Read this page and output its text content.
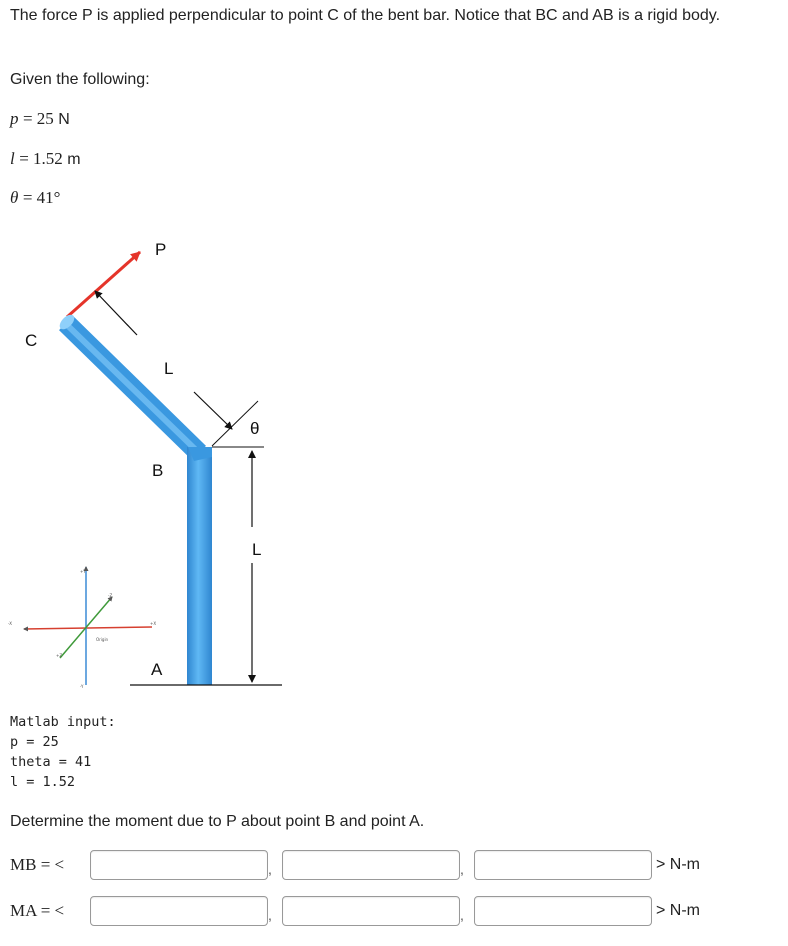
The force P is applied perpendicular to point C of the bent bar. Notice that BC and AB is a rigid body.
Given the following:
p = 25 N
l = 1.52 m
θ = 41°
P
C
L
θ
B
L
A
+Y
-Z
-X	+X
+Z
-Y
Origin
Matlab input:
p = 25
theta = 41
l = 1.52
Determine the moment due to P about point B and point A.
MB = <	,	,	> N-m
MA = <	,	,	> N-m
